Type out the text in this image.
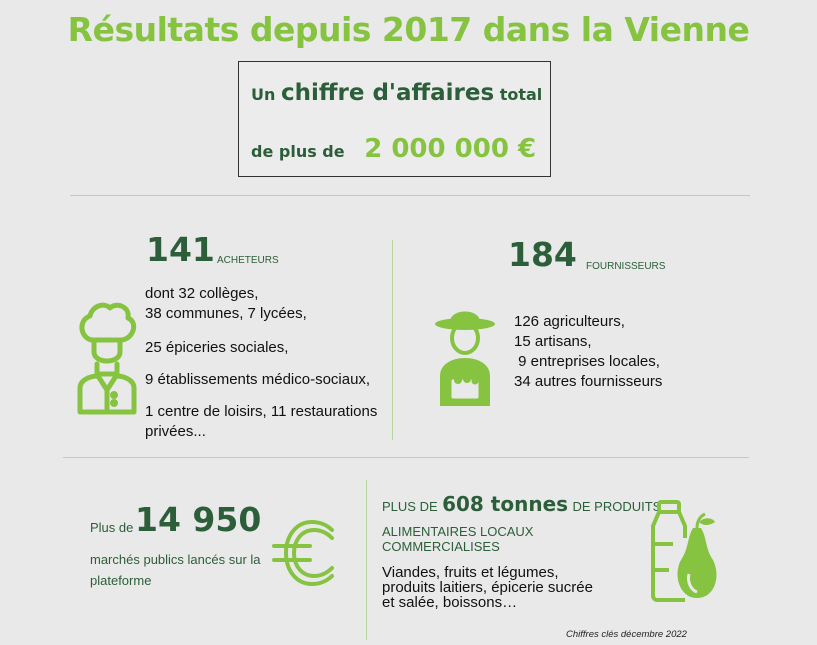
Résultats depuis 2017 dans la Vienne
Un chiffre d'affaires total
de plus de 2 000 000 €
141 ACHETEURS
dont 32 collèges,
38 communes, 7 lycées,
25 épiceries sociales,
9 établissements médico-sociaux,
1 centre de loisirs, 11 restaurations
privées...
184 FOURNISSEURS
126 agriculteurs,
15 artisans,
9 entreprises locales,
34 autres fournisseurs
Plus de 14 950
marchés publics lancés sur la
plateforme
PLUS DE 608 tonnes DE PRODUITS
ALIMENTAIRES LOCAUX
COMMERCIALISES
Viandes, fruits et légumes,
produits laitiers, épicerie sucrée
et salée, boissons…
Chiffres clés décembre 2022
